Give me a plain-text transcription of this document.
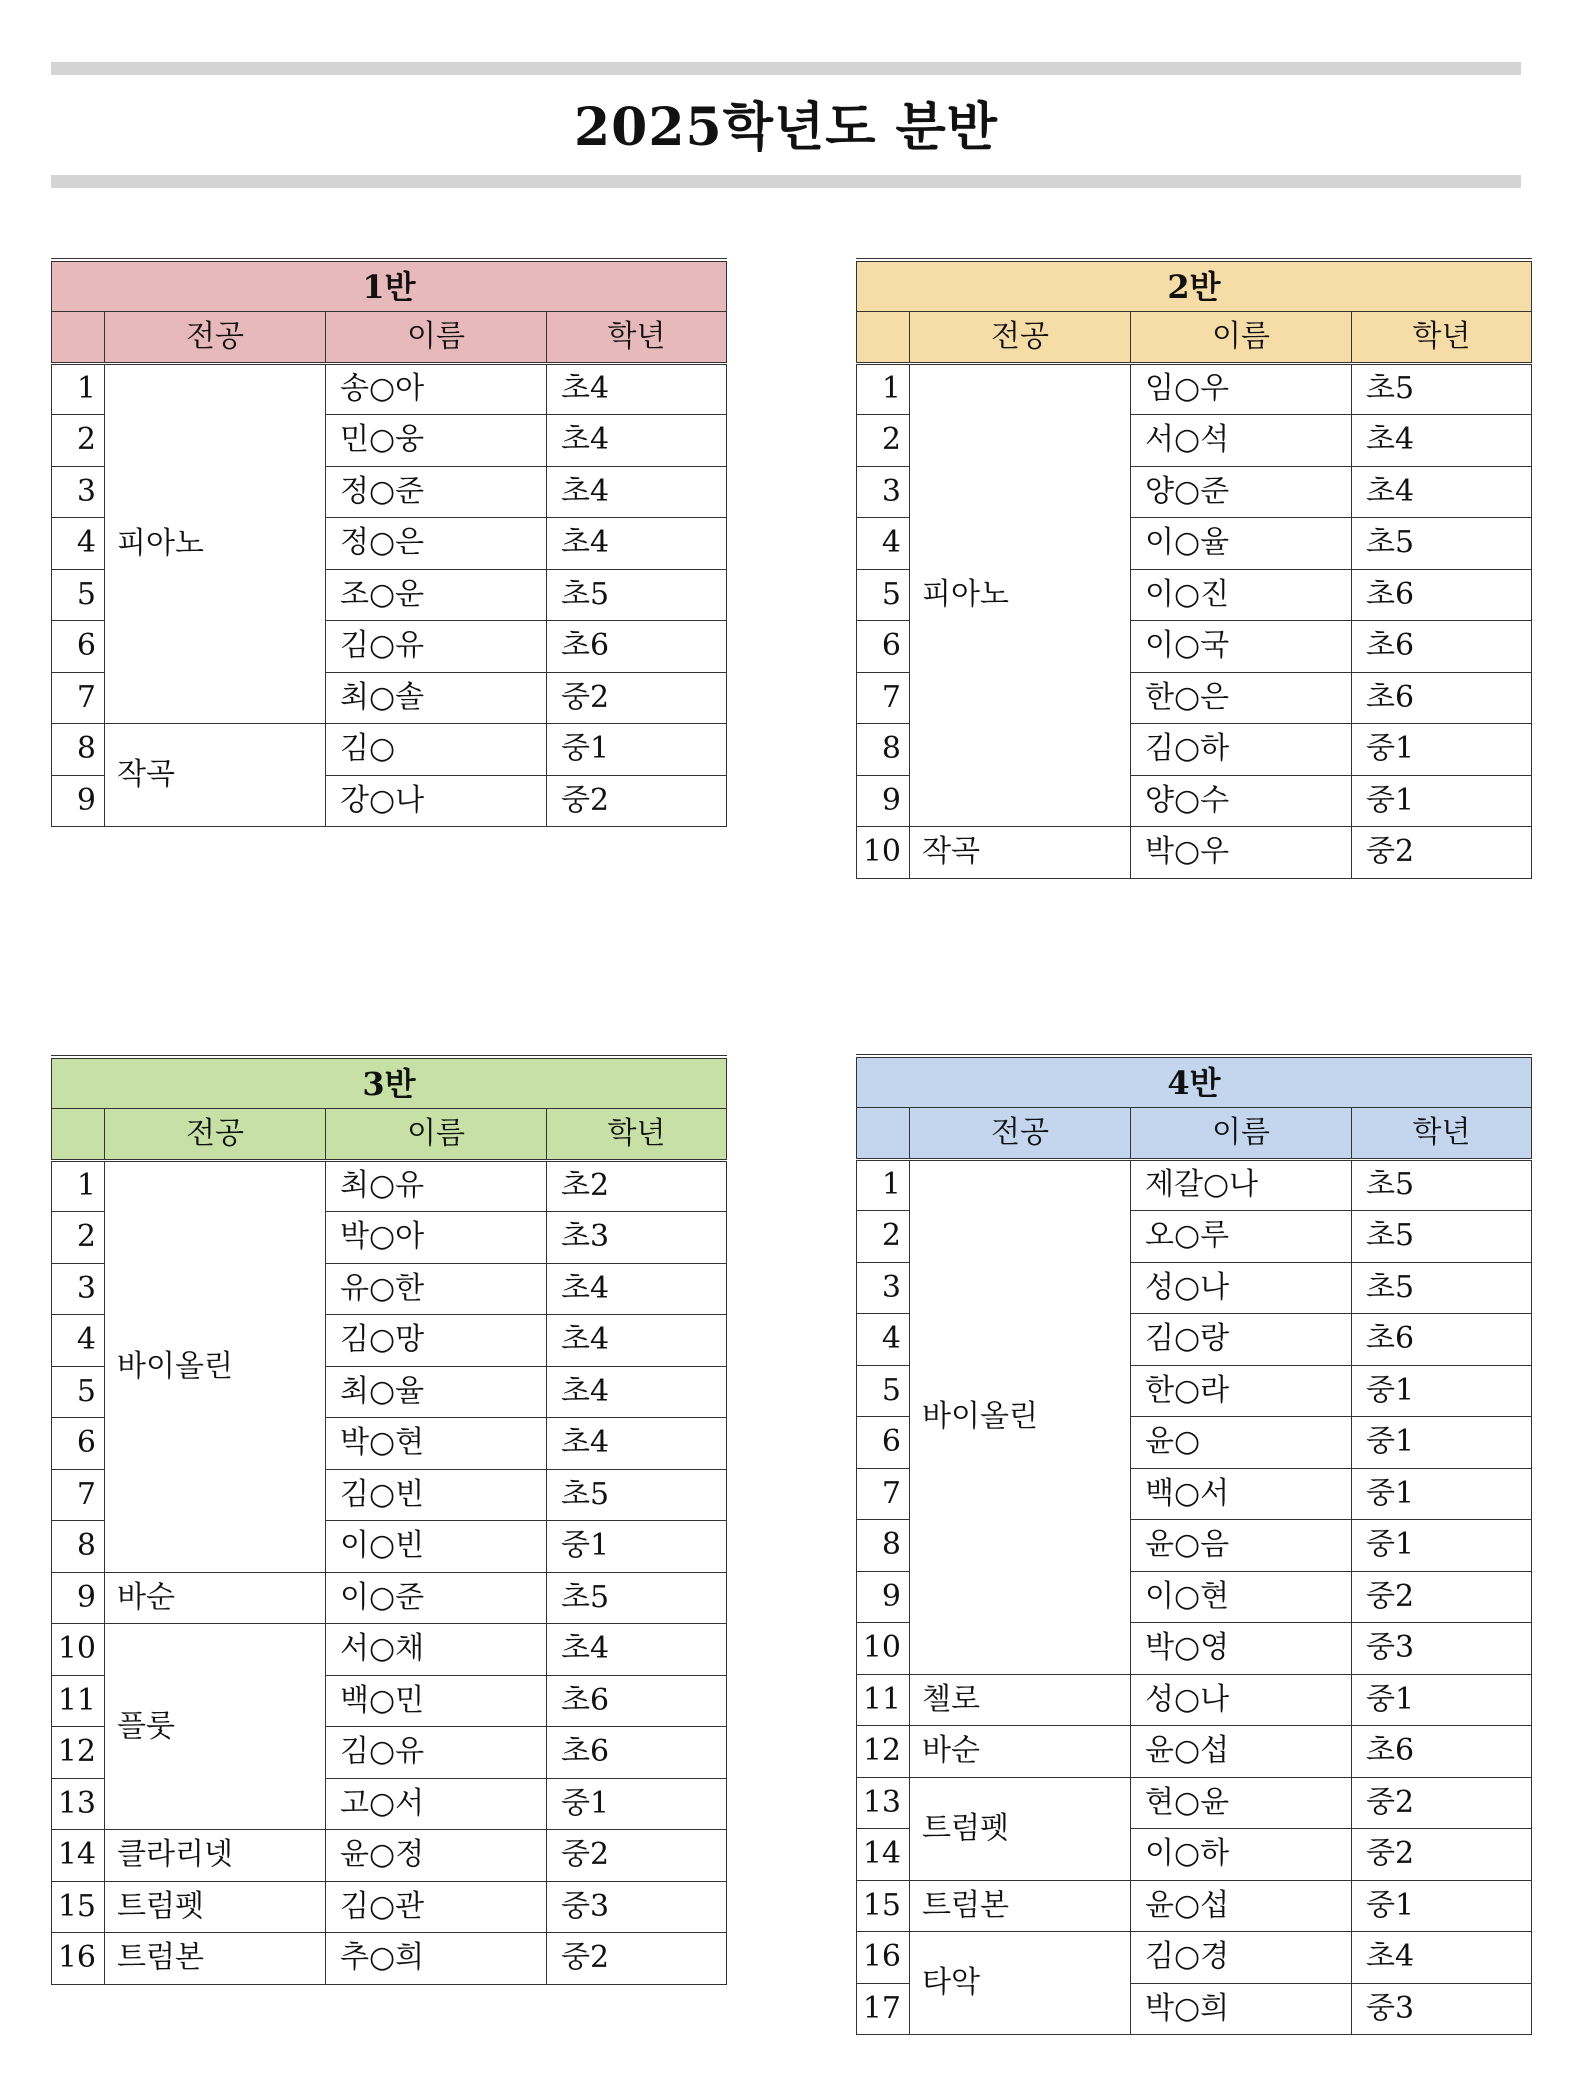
2025학년도 분반
1반			
	전공	이름	학년
1	피아노	송○아	초4
2		민○웅	초4
3		정○준	초4
4		정○은	초4
5		조○운	초5
6		김○유	초6
7		최○솔	중2
8	작곡	김○	중1
9		강○나	중2
2반			
	전공	이름	학년
1	피아노	임○우	초5
2		서○석	초4
3		양○준	초4
4		이○율	초5
5		이○진	초6
6		이○국	초6
7		한○은	초6
8		김○하	중1
9		양○수	중1
10	작곡	박○우	중2
3반			
	전공	이름	학년
1	바이올린	최○유	초2
2		박○아	초3
3		유○한	초4
4		김○망	초4
5		최○율	초4
6		박○현	초4
7		김○빈	초5
8		이○빈	중1
9	바순	이○준	초5
10	플룻	서○채	초4
11		백○민	초6
12		김○유	초6
13		고○서	중1
14	클라리넷	윤○정	중2
15	트럼펫	김○관	중3
16	트럼본	추○희	중2
4반			
	전공	이름	학년
1	바이올린	제갈○나	초5
2		오○루	초5
3		성○나	초5
4		김○랑	초6
5		한○라	중1
6		윤○	중1
7		백○서	중1
8		윤○음	중1
9		이○현	중2
10		박○영	중3
11	첼로	성○나	중1
12	바순	윤○섭	초6
13	트럼펫	현○윤	중2
14		이○하	중2
15	트럼본	윤○섭	중1
16	타악	김○경	초4
17		박○희	중3
